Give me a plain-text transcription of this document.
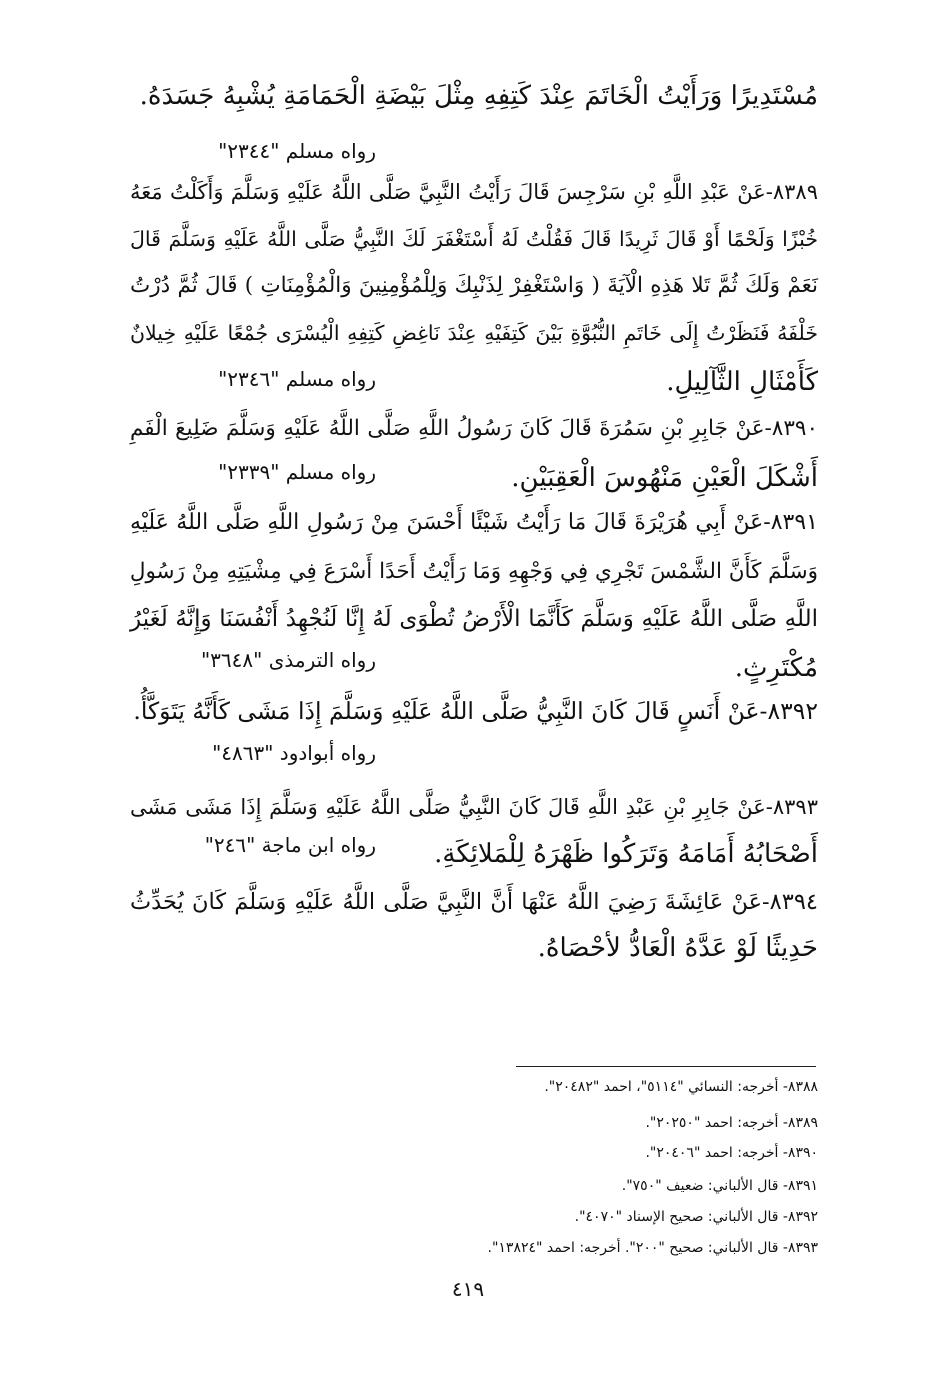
مُسْتَدِيرًا وَرَأَيْتُ الْخَاتَمَ عِنْدَ كَتِفِهِ مِثْلَ بَيْضَةِ الْحَمَامَةِ يُشْبِهُ جَسَدَهُ.
رواه مسلم "٢٣٤٤"
٨٣٨٩-عَنْ عَبْدِ اللَّهِ بْنِ سَرْجِسَ قَالَ رَأَيْتُ النَّبِيَّ صَلَّى اللَّهُ عَلَيْهِ وَسَلَّمَ وَأَكَلْتُ مَعَهُ
خُبْزًا وَلَحْمًا أَوْ قَالَ ثَرِيدًا قَالَ فَقُلْتُ لَهُ أَسْتَغْفَرَ لَكَ النَّبِيُّ صَلَّى اللَّهُ عَلَيْهِ وَسَلَّمَ قَالَ
نَعَمْ وَلَكَ ثُمَّ تَلا هَذِهِ الْآيَةَ ( وَاسْتَغْفِرْ لِذَنْبِكَ وَلِلْمُؤْمِنِينَ وَالْمُؤْمِنَاتِ ) قَالَ ثُمَّ دُرْتُ
خَلْفَهُ فَنَظَرْتُ إِلَى خَاتَمِ النُّبُوَّةِ بَيْنَ كَتِفَيْهِ عِنْدَ نَاغِضِ كَتِفِهِ الْيُسْرَى جُمْعًا عَلَيْهِ خِيلانٌ
كَأَمْثَالِ الثَّآلِيلِ.
رواه مسلم "٢٣٤٦"
٨٣٩٠-عَنْ جَابِرِ بْنِ سَمُرَةَ قَالَ كَانَ رَسُولُ اللَّهِ صَلَّى اللَّهُ عَلَيْهِ وَسَلَّمَ ضَلِيعَ الْفَمِ
أَشْكَلَ الْعَيْنِ مَنْهُوسَ الْعَقِبَيْنِ.
رواه مسلم "٢٣٣٩"
٨٣٩١-عَنْ أَبِي هُرَيْرَةَ قَالَ مَا رَأَيْتُ شَيْئًا أَحْسَنَ مِنْ رَسُولِ اللَّهِ صَلَّى اللَّهُ عَلَيْهِ
وَسَلَّمَ كَأَنَّ الشَّمْسَ تَجْرِي فِي وَجْهِهِ وَمَا رَأَيْتُ أَحَدًا أَسْرَعَ فِي مِشْيَتِهِ مِنْ رَسُولِ
اللَّهِ صَلَّى اللَّهُ عَلَيْهِ وَسَلَّمَ كَأَنَّمَا الْأَرْضُ تُطْوَى لَهُ إِنَّا لَنُجْهِدُ أَنْفُسَنَا وَإِنَّهُ لَغَيْرُ
مُكْتَرِثٍ.
رواه الترمذى "٣٦٤٨"
٨٣٩٢-عَنْ أَنَسٍ قَالَ كَانَ النَّبِيُّ صَلَّى اللَّهُ عَلَيْهِ وَسَلَّمَ إِذَا مَشَى كَأَنَّهُ يَتَوَكَّأُ.
رواه أبوادود "٤٨٦٣"
٨٣٩٣-عَنْ جَابِرِ بْنِ عَبْدِ اللَّهِ قَالَ كَانَ النَّبِيُّ صَلَّى اللَّهُ عَلَيْهِ وَسَلَّمَ إِذَا مَشَى مَشَى
أَصْحَابُهُ أَمَامَهُ وَتَرَكُوا ظَهْرَهُ لِلْمَلائِكَةِ.
رواه ابن ماجة "٢٤٦"
٨٣٩٤-عَنْ عَائِشَةَ رَضِيَ اللَّهُ عَنْهَا أَنَّ النَّبِيَّ صَلَّى اللَّهُ عَلَيْهِ وَسَلَّمَ كَانَ يُحَدِّثُ
حَدِيثًا لَوْ عَدَّهُ الْعَادُّ لأحْصَاهُ.
٨٣٨٨- أخرجه: النسائي "٥١١٤"، احمد "٢٠٤٨٢".
٨٣٨٩- أخرجه: احمد "٢٠٢٥٠".
٨٣٩٠- أخرجه: احمد "٢٠٤٠٦".
٨٣٩١- قال الألباني: ضعيف "٧٥٠".
٨٣٩٢- قال الألباني: صحيح الإسناد "٤٠٧٠".
٨٣٩٣- قال الألباني: صحيح "٢٠٠". أخرجه: احمد "١٣٨٢٤".
٤١٩
